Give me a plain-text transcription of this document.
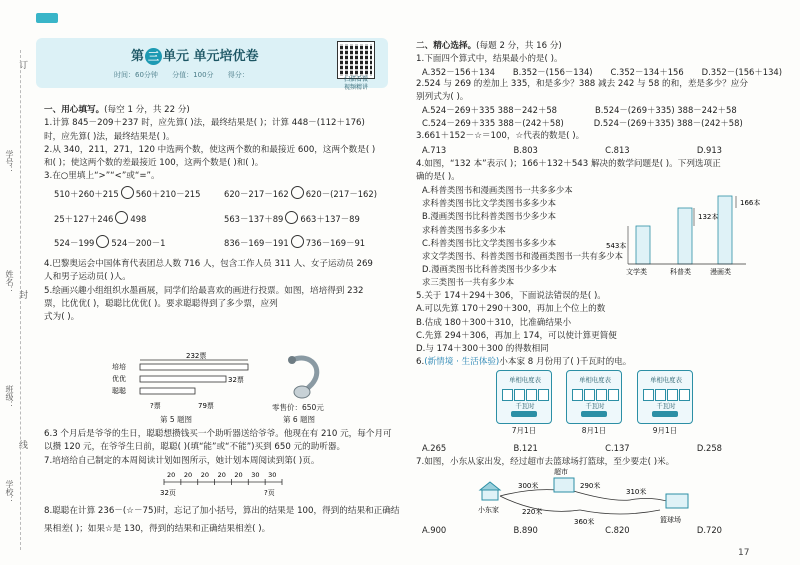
学号：
姓名：
班级：
学校：
订
封
线
第 三 单元 单元培优卷
时间：60分钟 分值：100分 得分：
扫描看微
视频精讲

一、用心填写。(每空 1 分，共 22 分)

1.计算 845－209＋237 时，应先算( )法，最终结果是( )；计算 448－(112＋176)

时，应先算( )法，最终结果是( )。

2.从 340，211，271，120 中选两个数，使这两个数的和最接近 600，这两个数是( )

和( )；使这两个数的差最接近 100，这两个数是( )和( )。

3.在○里填上“>”“<”或“=”。

510＋260＋215 560＋210－215	620－217－162 620－(217－162)
25＋127＋246 498	563－137＋89 663＋137－89
524－199 524－200－1	836－169－191 736－169－91

4.巴黎奥运会中国体育代表团总人数 716 人，包含工作人员 311 人、女子运动员 269

人和男子运动员( )人。

5.绘画兴趣小组组织水墨画展，同学们给最喜欢的画进行投票。如图，培培得到 232

票，比优优( )，聪聪比优优( )。要求聪聪得到了多少票，应列

式为( )。

232票
培培
优优
聪聪
32票
?票	79票
第 5 题图
零售价：650元
第 6 题图

6.3 个月后是爷爷的生日，聪聪想攒钱买一个助听器送给爷爷。他现在有 210 元，每个月可

以攒 120 元，在爷爷生日前，聪聪( )(填“能”或“不能”)买到 650 元的助听器。

7.培培给自己制定的本周阅读计划如图所示，她计划本周阅读到第( )页。

20 20 20 20 20 30 30
32页	?页

8.聪聪在计算 236－(☆－75)时，忘记了加小括号，算出的结果是 100，得到的结果和正确结

果相差( )；如果☆是 130，得到的结果和正确结果相差( )。

二、精心选择。(每题 2 分，共 16 分)

1.下面四个算式中，结果最小的是( )。

A.352－156＋134 B.352－(156－134) C.352－134＋156 D.352－(156＋134)

2.524 与 269 的差加上 335，和是多少？388 减去 242 与 58 的和，差是多少？应分

别列式为( )。

A.524－269＋335 388－242＋58	B.524－(269＋335) 388－242＋58
C.524－269＋335 388－(242＋58)	D.524－(269＋335) 388－(242＋58)

3.661＋152－☆＝100，☆代表的数是( )。

A.713	B.803	C.813	D.913

4.如图，“132 本”表示( )；166＋132＋543 解决的数学问题是( )。下列选项正

确的是( )。

A.科普类图书和漫画类图书一共多多少本

求科普类图书比文学类图书多多少本

B.漫画类图书比科普类图书少多少本

求科普类图书多多少本

C.科普类图书比文学类图书多多少本

求文学类图书、科普类图书和漫画类图书一共有多少本

D.漫画类图书比科普类图书少多少本

求三类图书一共有多少本

543本
132本
166本
文学类	科普类	漫画类

5.关于 174＋294＋306，下面说法错误的是( )。

A.可以先算 170＋290＋300，再加上个位上的数

B.估成 180＋300＋310，比准确结果小

C.先算 294＋306，再加上 174，可以使计算更简便

D.与 174＋300＋300 的得数相同

6.(新情境 · 生活体验)小本家 8 月份用了( )千瓦时的电。

单相电度表
千瓦时
7月1日
单相电度表
千瓦时
8月1日
单相电度表
千瓦时
9月1日
A.265	B.121	C.137	D.258

7.如图，小东从家出发，经过超市去篮球场打篮球，至少要走( )米。

小东家
超市
篮球场
300米	290米
310米
220米
360米
A.900	B.890	C.820	D.720
17
